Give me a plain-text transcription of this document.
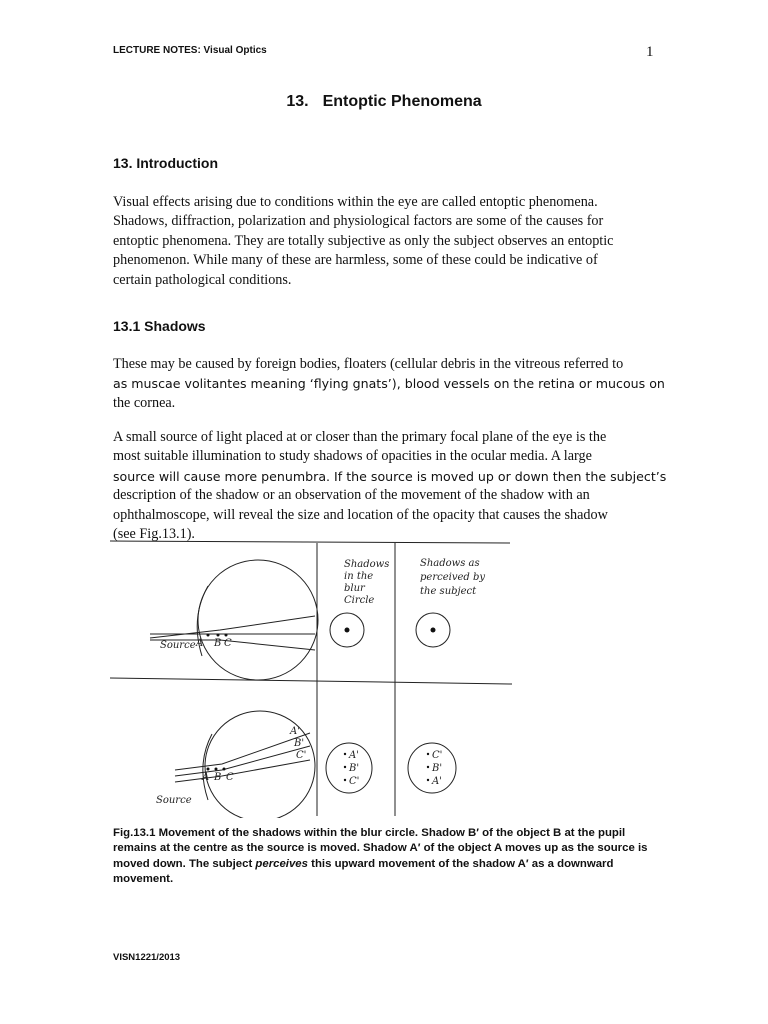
LECTURE NOTES: Visual Optics	1
13. Entoptic Phenomena
13. Introduction
Visual effects arising due to conditions within the eye are called entoptic phenomena.
Shadows, diffraction, polarization and physiological factors are some of the causes for
entoptic phenomena. They are totally subjective as only the subject observes an entoptic
phenomenon. While many of these are harmless, some of these could be indicative of
certain pathological conditions.
13.1 Shadows
These may be caused by foreign bodies, floaters (cellular debris in the vitreous referred to
as muscae volitantes meaning ‘flying gnats’), blood vessels on the retina or mucous on
the cornea.
A small source of light placed at or closer than the primary focal plane of the eye is the
most suitable illumination to study shadows of opacities in the ocular media. A large
source will cause more penumbra. If the source is moved up or down then the subject’s
description of the shadow or an observation of the movement of the shadow with an
ophthalmoscope, will reveal the size and location of the opacity that causes the shadow
(see Fig.13.1).
Shadows
in the
blur
Circle
Shadows as
perceived by
the subject
Source A B C
Source
A B C
A'
B'
C'	A'
B'
C'
C'
B'
A'
Fig.13.1 Movement of the shadows within the blur circle. Shadow B′ of the object B at the pupil remains at the centre as the source is moved. Shadow A′ of the object A moves up as the source is moved down. The subject perceives this upward movement of the shadow A′ as a downward movement.
VISN1221/2013
